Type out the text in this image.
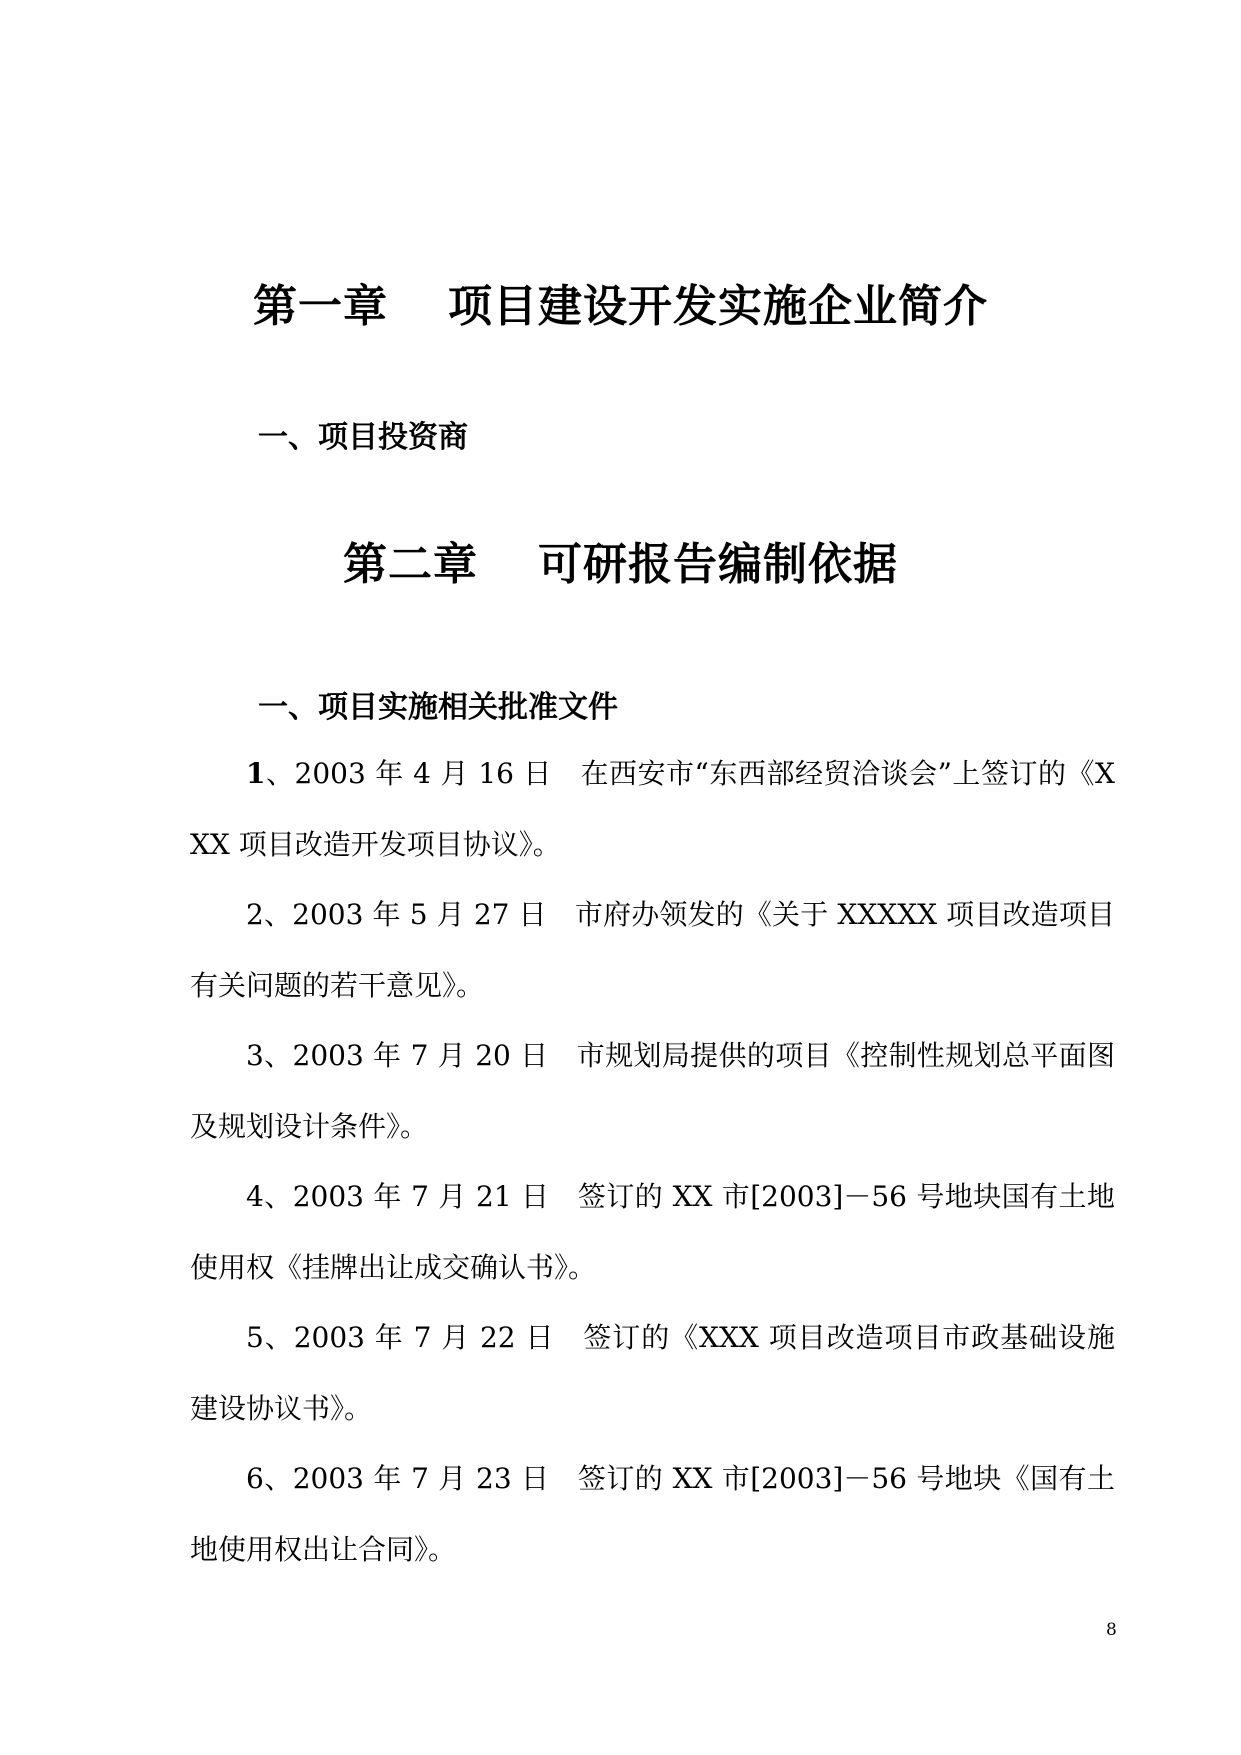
第一章 项目建设开发实施企业简介
一、项目投资商
第二章 可研报告编制依据
一、项目实施相关批准文件

1、2003 年 4 月 16 日　在西安市“东西部经贸洽谈会”上签订的《XXX 项目改造开发项目协议》。

2、2003 年 5 月 27 日　市府办领发的《关于 XXXXX 项目改造项目有关问题的若干意见》。

3、2003 年 7 月 20 日　市规划局提供的项目《控制性规划总平面图及规划设计条件》。

4、2003 年 7 月 21 日　签订的 XX 市[2003]－56 号地块国有土地使用权《挂牌出让成交确认书》。

5、2003 年 7 月 22 日　签订的《XXX 项目改造项目市政基础设施建设协议书》。

6、2003 年 7 月 23 日　签订的 XX 市[2003]－56 号地块《国有土地使用权出让合同》。

8
